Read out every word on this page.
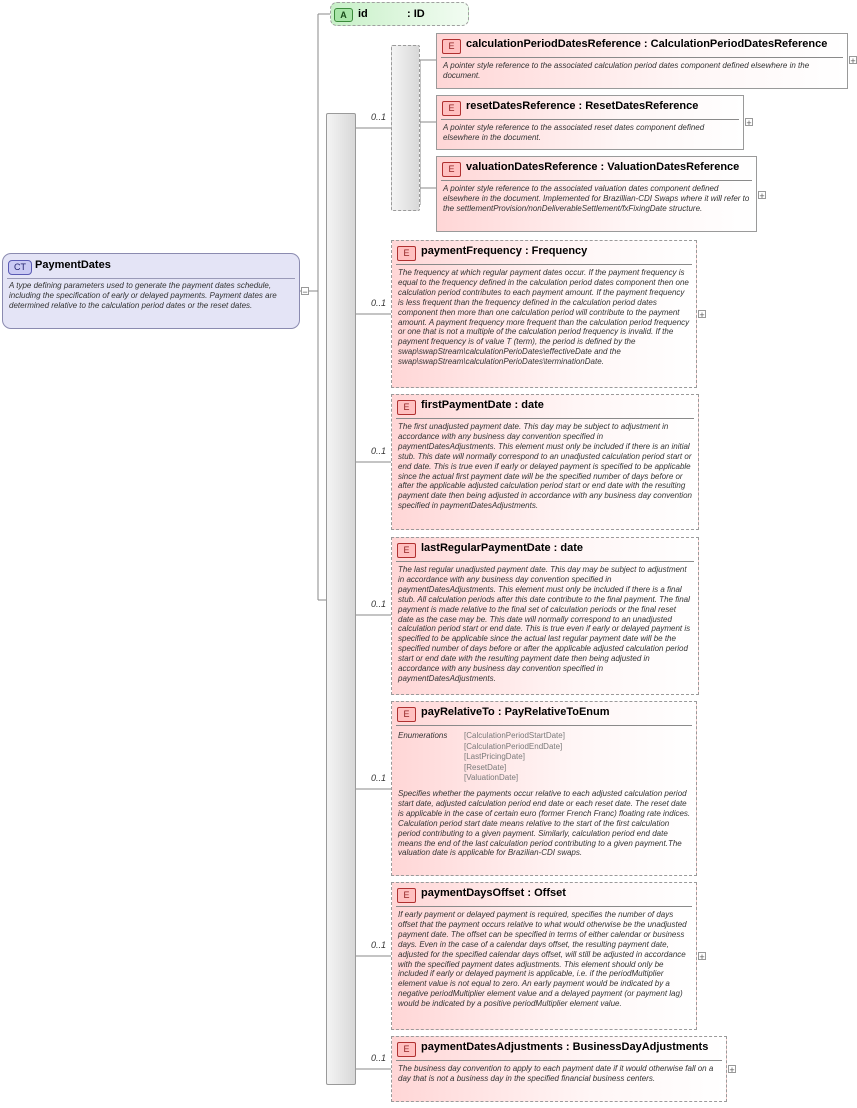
CT PaymentDates
A type defining parameters used to generate the payment dates schedule, including the specification of early or delayed payments. Payment dates are determined relative to the calculation period dates or the reset dates.
−
A	id	: ID
0..1
E	calculationPeriodDatesReference : CalculationPeriodDatesReference
A pointer style reference to the associated calculation period dates component defined elsewhere in the document.
+
E	resetDatesReference : ResetDatesReference
A pointer style reference to the associated reset dates component defined elsewhere in the document.
+
E	valuationDatesReference : ValuationDatesReference
A pointer style reference to the associated valuation dates component defined elsewhere in the document. Implemented for Brazillian-CDI Swaps where it will refer to the settlementProvision/nonDeliverableSettlement/fxFixingDate structure.
+
0..1
E	paymentFrequency : Frequency
The frequency at which regular payment dates occur. If the payment frequency is equal to the frequency defined in the calculation period dates component then one calculation period contributes to each payment amount. If the payment frequency is less frequent than the frequency defined in the calculation period dates component then more than one calculation period will contribute to the payment amount. A payment frequency more frequent than the calculation period frequency or one that is not a multiple of the calculation period frequency is invalid. If the payment frequency is of value T (term), the period is defined by the swap\swapStream\calculationPerioDates\effectiveDate and the swap\swapStream\calculationPerioDates\terminationDate.
+
0..1
E	firstPaymentDate : date
The first unadjusted payment date. This day may be subject to adjustment in accordance with any business day convention specified in paymentDatesAdjustments. This element must only be included if there is an initial stub. This date will normally correspond to an unadjusted calculation period start or end date. This is true even if early or delayed payment is specified to be applicable since the actual first payment date will be the specified number of days before or after the applicable adjusted calculation period start or end date with the resulting payment date then being adjusted in accordance with any business day convention specified in paymentDatesAdjustments.
0..1
E	lastRegularPaymentDate : date
The last regular unadjusted payment date. This day may be subject to adjustment in accordance with any business day convention specified in paymentDatesAdjustments. This element must only be included if there is a final stub. All calculation periods after this date contribute to the final payment. The final payment is made relative to the final set of calculation periods or the final reset date as the case may be. This date will normally correspond to an unadjusted calculation period start or end date. This is true even if early or delayed payment is specified to be applicable since the actual last regular payment date will be the specified number of days before or after the applicable adjusted calculation period start or end date with the resulting payment date then being adjusted in accordance with any business day convention specified in paymentDatesAdjustments.
0..1
E	payRelativeTo : PayRelativeToEnum
Enumerations [CalculationPeriodStartDate]
[CalculationPeriodEndDate]
[LastPricingDate]
[ResetDate]
[ValuationDate]
Specifies whether the payments occur relative to each adjusted calculation period start date, adjusted calculation period end date or each reset date. The reset date is applicable in the case of certain euro (former French Franc) floating rate indices. Calculation period start date means relative to the start of the first calculation period contributing to a given payment. Similarly, calculation period end date means the end of the last calculation period contributing to a given payment.The valuation date is applicable for Brazilian-CDI swaps.
0..1
E	paymentDaysOffset : Offset
If early payment or delayed payment is required, specifies the number of days offset that the payment occurs relative to what would otherwise be the unadjusted payment date. The offset can be specified in terms of either calendar or business days. Even in the case of a calendar days offset, the resulting payment date, adjusted for the specified calendar days offset, will still be adjusted in accordance with the specified payment dates adjustments. This element should only be included if early or delayed payment is applicable, i.e. if the periodMultiplier element value is not equal to zero. An early payment would be indicated by a negative periodMultiplier element value and a delayed payment (or payment lag) would be indicated by a positive periodMultiplier element value.
+
0..1
E	paymentDatesAdjustments : BusinessDayAdjustments
The business day convention to apply to each payment date if it would otherwise fall on a day that is not a business day in the specified financial business centers.
+
